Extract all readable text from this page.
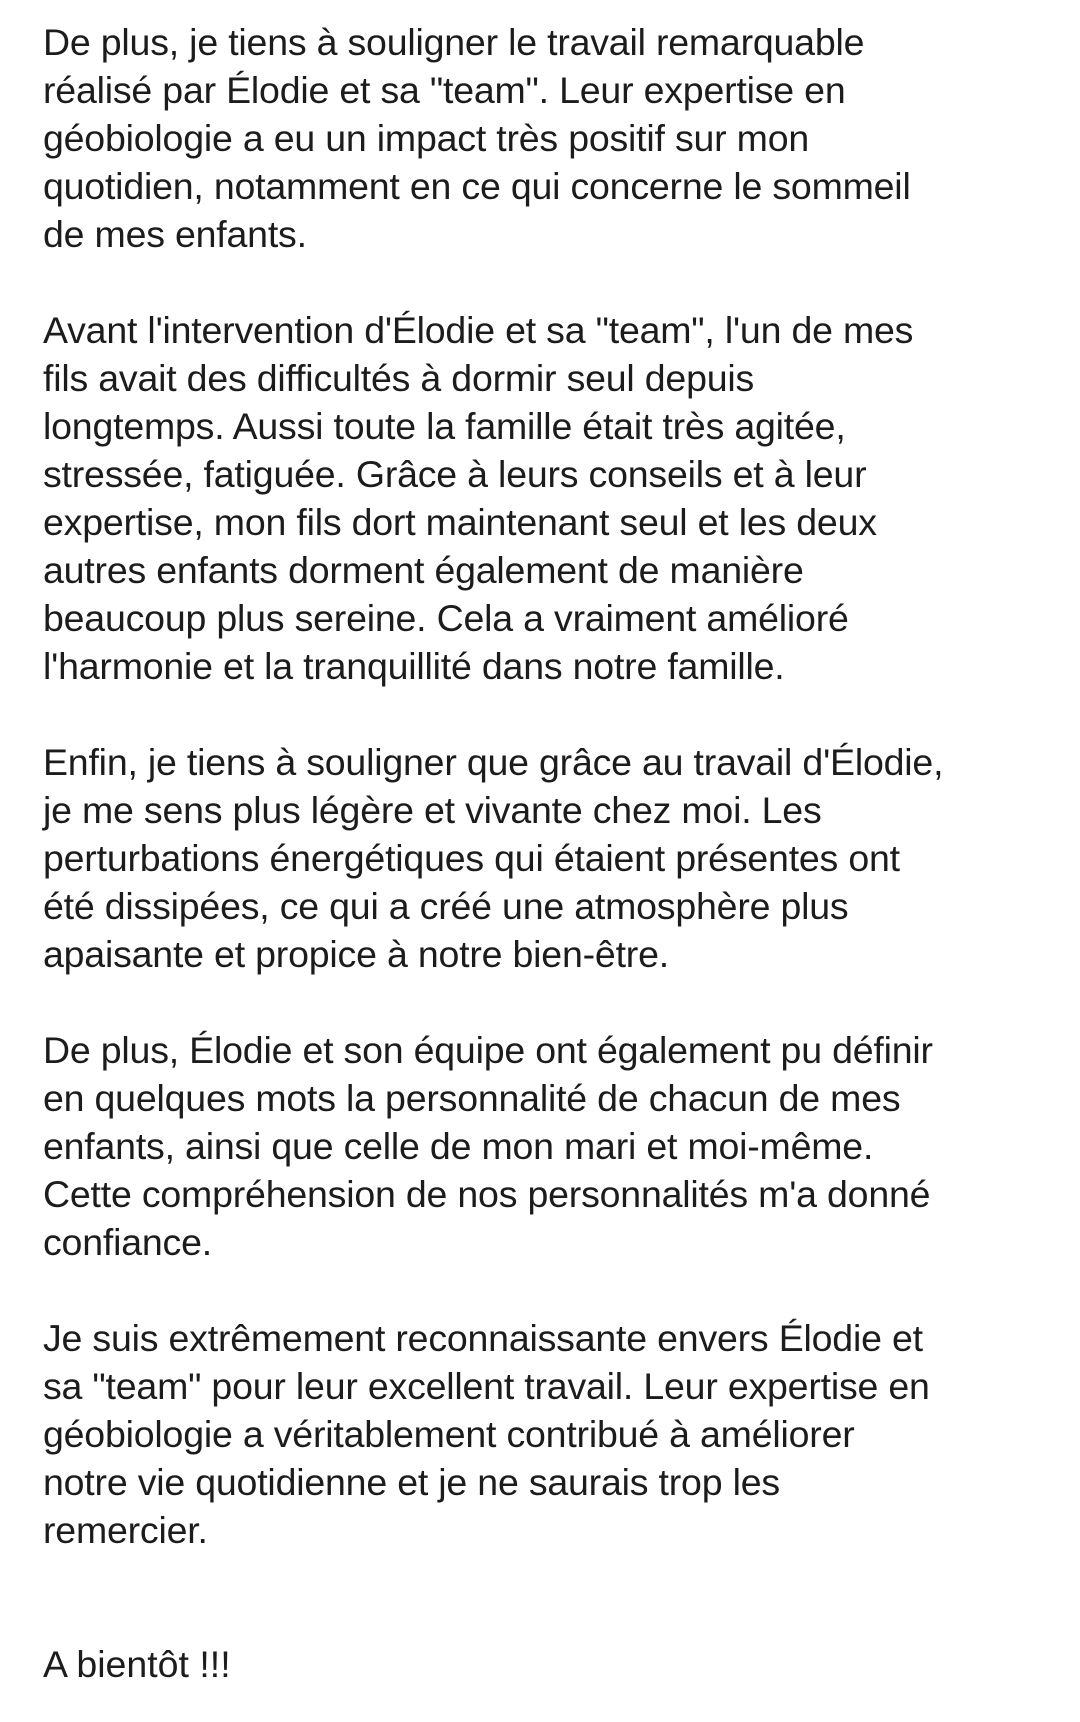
De plus, je tiens à souligner le travail remarquable
réalisé par Élodie et sa "team". Leur expertise en
géobiologie a eu un impact très positif sur mon
quotidien, notamment en ce qui concerne le sommeil
de mes enfants.
Avant l'intervention d'Élodie et sa "team", l'un de mes
fils avait des difficultés à dormir seul depuis
longtemps. Aussi toute la famille était très agitée,
stressée, fatiguée. Grâce à leurs conseils et à leur
expertise, mon fils dort maintenant seul et les deux
autres enfants dorment également de manière
beaucoup plus sereine. Cela a vraiment amélioré
l'harmonie et la tranquillité dans notre famille.
Enfin, je tiens à souligner que grâce au travail d'Élodie,
je me sens plus légère et vivante chez moi. Les
perturbations énergétiques qui étaient présentes ont
été dissipées, ce qui a créé une atmosphère plus
apaisante et propice à notre bien-être.
De plus, Élodie et son équipe ont également pu définir
en quelques mots la personnalité de chacun de mes
enfants, ainsi que celle de mon mari et moi-même.
Cette compréhension de nos personnalités m'a donné
confiance.
Je suis extrêmement reconnaissante envers Élodie et
sa "team" pour leur excellent travail. Leur expertise en
géobiologie a véritablement contribué à améliorer
notre vie quotidienne et je ne saurais trop les
remercier.
A bientôt !!!
